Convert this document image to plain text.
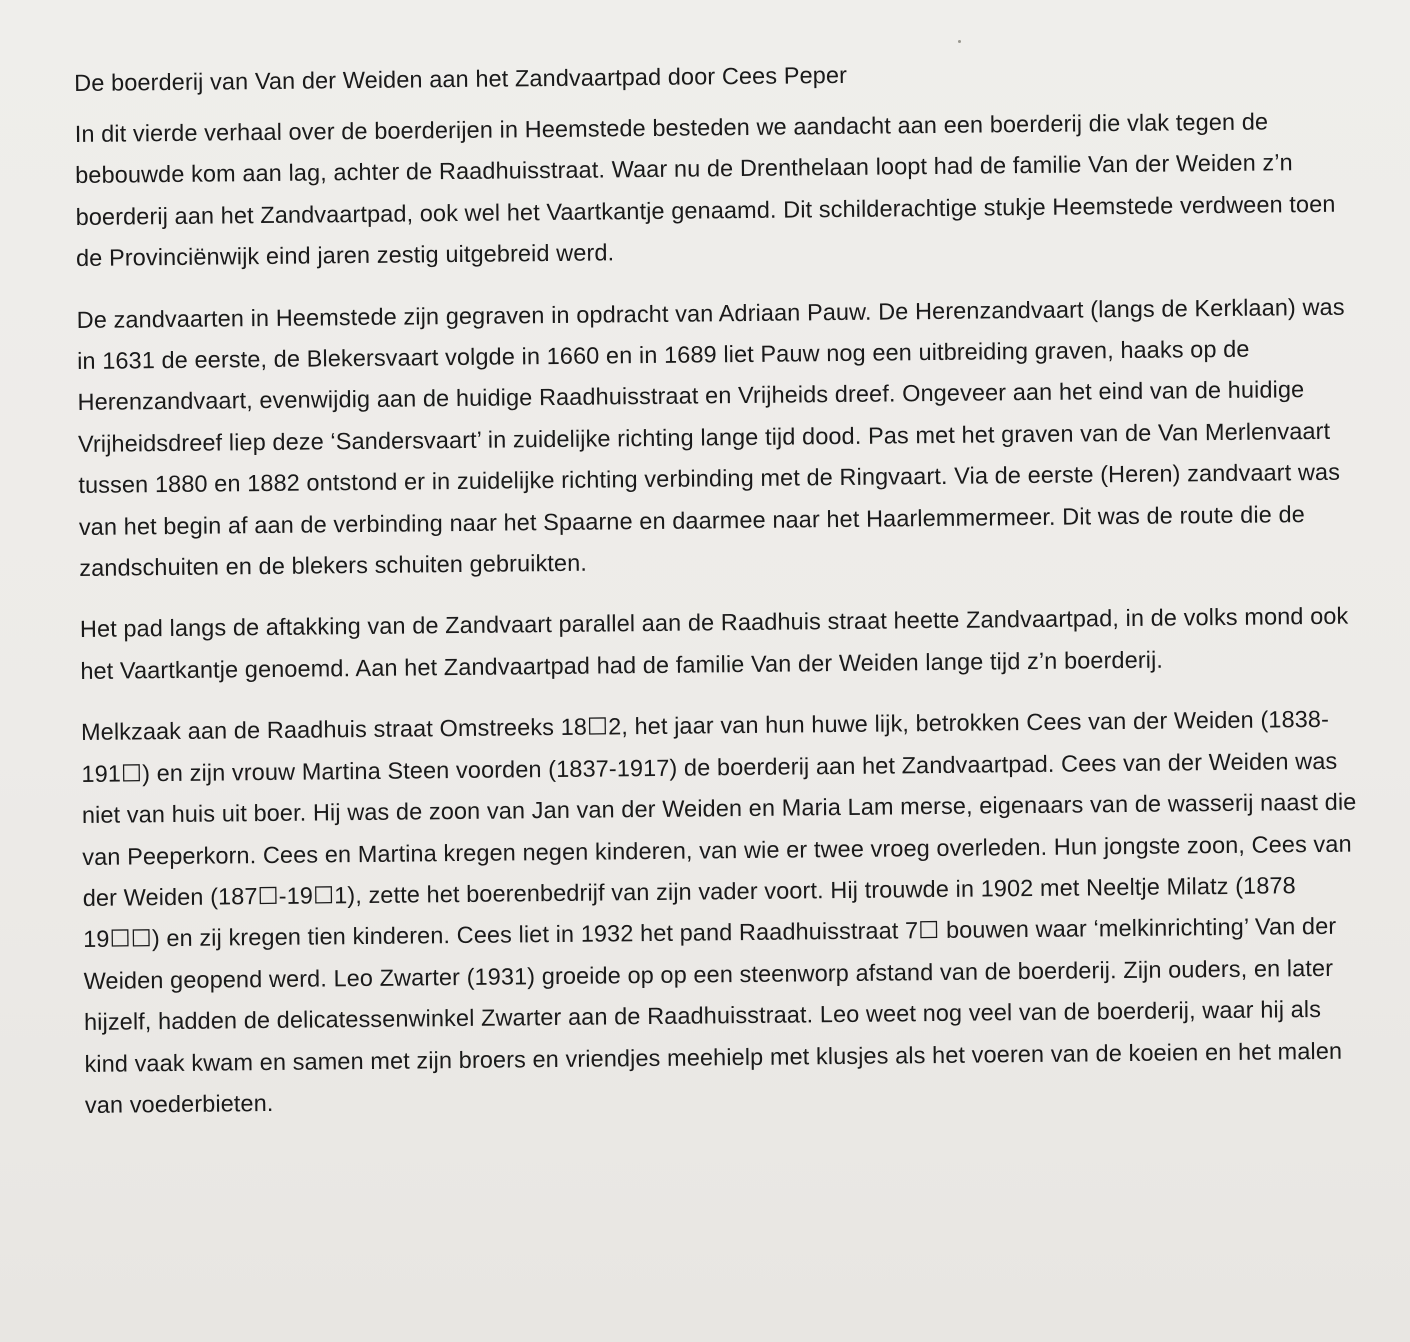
De boerderij van Van der Weiden aan het Zandvaartpad door Cees Peper

In dit vierde verhaal over de boerderijen in Heemstede besteden we aandacht aan een boerderij die vlak tegen de bebouwde kom aan lag, achter de Raadhuisstraat. Waar nu de Drenthelaan loopt had de familie Van der Weiden z’n boerderij aan het Zandvaartpad, ook wel het Vaartkantje genaamd. Dit schilderachtige stukje Heemstede verdween toen de Provinciënwijk eind jaren zestig uitgebreid werd.

De zandvaarten in Heemstede zijn gegraven in opdracht van Adriaan Pauw. De Herenzandvaart (langs de Kerklaan) was in 1631 de eerste, de Blekersvaart volgde in 1660 en in 1689 liet Pauw nog een uitbreiding graven, haaks op de Herenzandvaart, evenwijdig aan de huidige Raadhuisstraat en Vrijheids dreef. Ongeveer aan het eind van de huidige Vrijheidsdreef liep deze ‘Sandersvaart’ in zuidelijke richting lange tijd dood. Pas met het graven van de Van Merlenvaart tussen 1880 en 1882 ontstond er in zuidelijke richting verbinding met de Ringvaart. Via de eerste (Heren) zandvaart was van het begin af aan de verbinding naar het Spaarne en daarmee naar het Haarlemmermeer. Dit was de route die de zandschuiten en de blekers schuiten gebruikten.

Het pad langs de aftakking van de Zandvaart parallel aan de Raadhuis straat heette Zandvaartpad, in de volks mond ook het Vaartkantje genoemd. Aan het Zandvaartpad had de familie Van der Weiden lange tijd z’n boerderij.

Melkzaak aan de Raadhuis straat Omstreeks 18☐2, het jaar van hun huwe lijk, betrokken Cees van der Weiden (1838-191☐) en zijn vrouw Martina Steen voorden (1837-1917) de boerderij aan het Zandvaartpad. Cees van der Weiden was niet van huis uit boer. Hij was de zoon van Jan van der Weiden en Maria Lam merse, eigenaars van de wasserij naast die van Peeperkorn. Cees en Martina kregen negen kinderen, van wie er twee vroeg overleden. Hun jongste zoon, Cees van der Weiden (187☐-19☐1), zette het boerenbedrijf van zijn vader voort. Hij trouwde in 1902 met Neeltje Milatz (1878 19☐☐) en zij kregen tien kinderen. Cees liet in 1932 het pand Raadhuisstraat 7☐ bouwen waar ‘melkinrichting’ Van der Weiden geopend werd. Leo Zwarter (1931) groeide op op een steenworp afstand van de boerderij. Zijn ouders, en later hijzelf, hadden de delicatessenwinkel Zwarter aan de Raadhuisstraat. Leo weet nog veel van de boerderij, waar hij als kind vaak kwam en samen met zijn broers en vriendjes meehielp met klusjes als het voeren van de koeien en het malen van voederbieten.
